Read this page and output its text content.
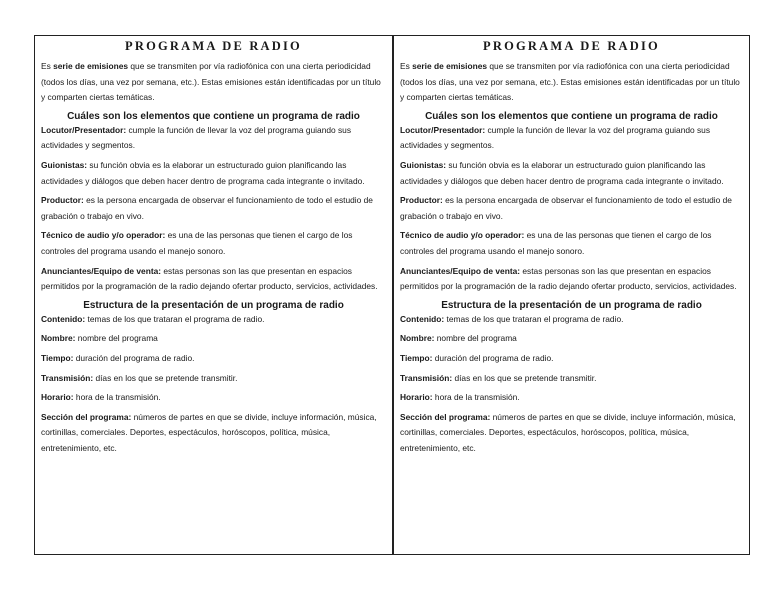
PROGRAMA DE RADIO

Es serie de emisiones que se transmiten por vía radiofónica con una cierta periodicidad (todos los días, una vez por semana, etc.). Estas emisiones están identificadas por un título y comparten ciertas temáticas.

Cuáles son los elementos que contiene un programa de radio

Locutor/Presentador: cumple la función de llevar la voz del programa guiando sus actividades y segmentos.

Guionistas: su función obvia es la elaborar un estructurado guion planificando las actividades y diálogos que deben hacer dentro de programa cada integrante o invitado.

Productor: es la persona encargada de observar el funcionamiento de todo el estudio de grabación o trabajo en vivo.

Técnico de audio y/o operador: es una de las personas que tienen el cargo de los controles del programa usando el manejo sonoro.

Anunciantes/Equipo de venta: estas personas son las que presentan en espacios permitidos por la programación de la radio dejando ofertar producto, servicios, actividades.

Estructura de la presentación de un programa de radio

Contenido: temas de los que trataran el programa de radio.

Nombre: nombre del programa

Tiempo: duración del programa de radio.

Transmisión: días en los que se pretende transmitir.

Horario: hora de la transmisión.

Sección del programa: números de partes en que se divide, incluye información, música, cortinillas, comerciales. Deportes, espectáculos, horóscopos, política, música, entretenimiento, etc.

PROGRAMA DE RADIO

Es serie de emisiones que se transmiten por vía radiofónica con una cierta periodicidad (todos los días, una vez por semana, etc.). Estas emisiones están identificadas por un título y comparten ciertas temáticas.

Cuáles son los elementos que contiene un programa de radio

Locutor/Presentador: cumple la función de llevar la voz del programa guiando sus actividades y segmentos.

Guionistas: su función obvia es la elaborar un estructurado guion planificando las actividades y diálogos que deben hacer dentro de programa cada integrante o invitado.

Productor: es la persona encargada de observar el funcionamiento de todo el estudio de grabación o trabajo en vivo.

Técnico de audio y/o operador: es una de las personas que tienen el cargo de los controles del programa usando el manejo sonoro.

Anunciantes/Equipo de venta: estas personas son las que presentan en espacios permitidos por la programación de la radio dejando ofertar producto, servicios, actividades.

Estructura de la presentación de un programa de radio

Contenido: temas de los que trataran el programa de radio.

Nombre: nombre del programa

Tiempo: duración del programa de radio.

Transmisión: días en los que se pretende transmitir.

Horario: hora de la transmisión.

Sección del programa: números de partes en que se divide, incluye información, música, cortinillas, comerciales. Deportes, espectáculos, horóscopos, política, música, entretenimiento, etc.
